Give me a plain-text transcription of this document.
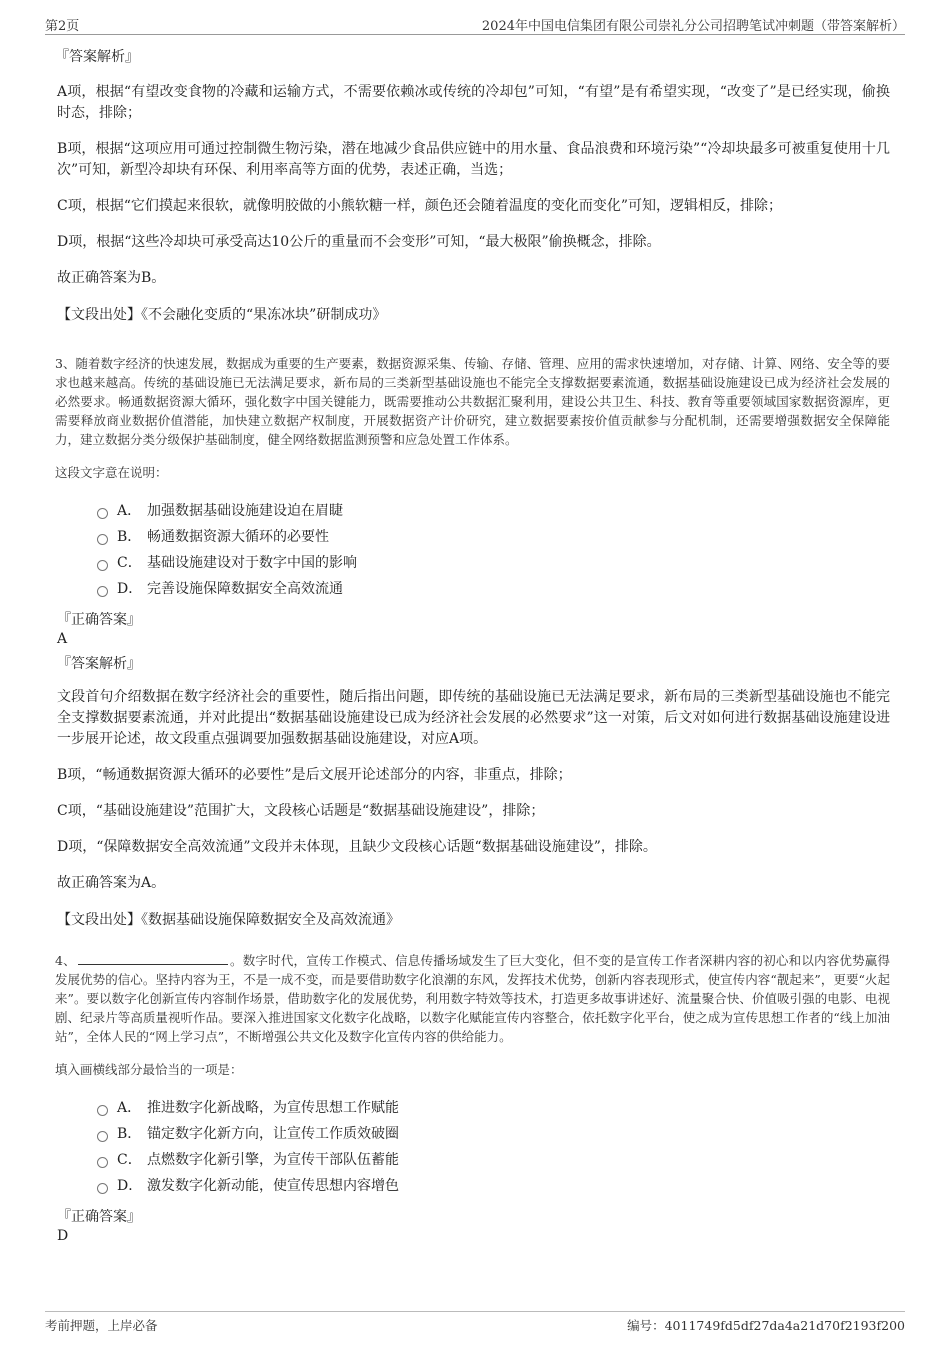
第2页	2024年中国电信集团有限公司崇礼分公司招聘笔试冲刺题（带答案解析）
『答案解析』

A项，根据“有望改变食物的冷藏和运输方式，不需要依赖冰或传统的冷却包”可知，“有望”是有希望实现，“改变了”是已经实现，偷换时态，排除；

B项，根据“这项应用可通过控制微生物污染，潜在地减少食品供应链中的用水量、食品浪费和环境污染”“冷却块最多可被重复使用十几次”可知，新型冷却块有环保、利用率高等方面的优势，表述正确，当选；

C项，根据“它们摸起来很软，就像明胶做的小熊软糖一样，颜色还会随着温度的变化而变化”可知，逻辑相反，排除；

D项，根据“这些冷却块可承受高达10公斤的重量而不会变形”可知，“最大极限”偷换概念，排除。

故正确答案为B。

【文段出处】《不会融化变质的“果冻冰块”研制成功》

3、随着数字经济的快速发展，数据成为重要的生产要素，数据资源采集、传输、存储、管理、应用的需求快速增加，对存储、计算、网络、安全等的要求也越来越高。传统的基础设施已无法满足要求，新布局的三类新型基础设施也不能完全支撑数据要素流通，数据基础设施建设已成为经济社会发展的必然要求。畅通数据资源大循环，强化数字中国关键能力，既需要推动公共数据汇聚利用，建设公共卫生、科技、教育等重要领域国家数据资源库，更需要释放商业数据价值潜能，加快建立数据产权制度，开展数据资产计价研究，建立数据要素按价值贡献参与分配机制，还需要增强数据安全保障能力，建立数据分类分级保护基础制度，健全网络数据监测预警和应急处置工作体系。

这段文字意在说明：
A． 加强数据基础设施建设迫在眉睫
B． 畅通数据资源大循环的必要性
C． 基础设施建设对于数字中国的影响
D． 完善设施保障数据安全高效流通
『正确答案』
A
『答案解析』

文段首句介绍数据在数字经济社会的重要性，随后指出问题，即传统的基础设施已无法满足要求，新布局的三类新型基础设施也不能完全支撑数据要素流通，并对此提出“数据基础设施建设已成为经济社会发展的必然要求”这一对策，后文对如何进行数据基础设施建设进一步展开论述，故文段重点强调要加强数据基础设施建设，对应A项。

B项，“畅通数据资源大循环的必要性”是后文展开论述部分的内容，非重点，排除；

C项，“基础设施建设”范围扩大，文段核心话题是“数据基础设施建设”，排除；

D项，“保障数据安全高效流通”文段并未体现，且缺少文段核心话题“数据基础设施建设”，排除。

故正确答案为A。

【文段出处】《数据基础设施保障数据安全及高效流通》

4、	。数字时代，宣传工作模式、信息传播场域发生了巨大变化，但不变的是宣传工作者深耕内容的初心和以内容优势赢得发展优势的信心。坚持内容为王，不是一成不变，而是要借助数字化浪潮的东风，发挥技术优势，创新内容表现形式，使宣传内容“靓起来”，更要“火起来”。要以数字化创新宣传内容制作场景，借助数字化的发展优势，利用数字特效等技术，打造更多故事讲述好、流量聚合快、价值吸引强的电影、电视剧、纪录片等高质量视听作品。要深入推进国家文化数字化战略，以数字化赋能宣传内容整合，依托数字化平台，使之成为宣传思想工作者的“线上加油站”，全体人民的“网上学习点”，不断增强公共文化及数字化宣传内容的供给能力。

填入画横线部分最恰当的一项是：
A． 推进数字化新战略，为宣传思想工作赋能
B． 锚定数字化新方向，让宣传工作质效破圈
C． 点燃数字化新引擎，为宣传干部队伍蓄能
D． 激发数字化新动能，使宣传思想内容增色
『正确答案』
D
考前押题，上岸必备	编号：4011749fd5df27da4a21d70f2193f200
